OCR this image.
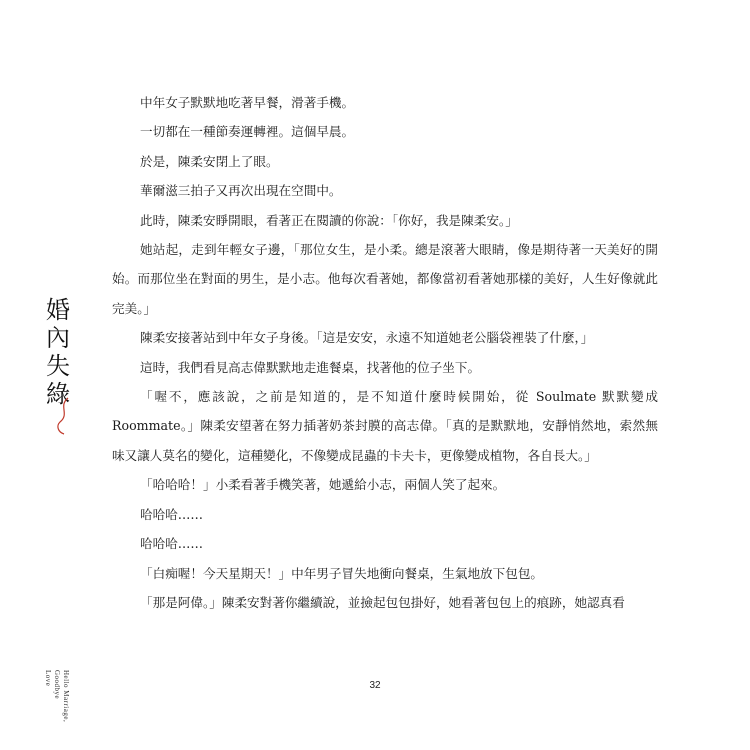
婚
內
失
綠
Hello Marriage,
Goodbye
Love

中年女子默默地吃著早餐，滑著手機。

一切都在一種節奏運轉裡。這個早晨。

於是，陳柔安閉上了眼。

華爾滋三拍子又再次出現在空間中。

此時，陳柔安睜開眼，看著正在閱讀的你說：「你好，我是陳柔安。」

她站起，走到年輕女子邊，「那位女生，是小柔。總是滾著大眼睛，像是期待著一天美好的開始。而那位坐在對面的男生，是小志。他每次看著她，都像當初看著她那樣的美好，人生好像就此完美。」

陳柔安接著站到中年女子身後。「這是安安，永遠不知道她老公腦袋裡裝了什麼，」

這時，我們看見高志偉默默地走進餐桌，找著他的位子坐下。

「喔不，應該說，之前是知道的，是不知道什麼時候開始，從 Soulmate 默默變成 Roommate。」陳柔安望著在努力插著奶茶封膜的高志偉。「真的是默默地，安靜悄然地，索然無味又讓人莫名的變化，這種變化，不像變成昆蟲的卡夫卡，更像變成植物，各自長大。」

「哈哈哈！」小柔看著手機笑著，她遞給小志，兩個人笑了起來。

哈哈哈……

哈哈哈……

「白痴喔！今天星期天！」中年男子冒失地衝向餐桌，生氣地放下包包。

「那是阿偉。」陳柔安對著你繼續說，並撿起包包掛好，她看著包包上的痕跡，她認真看

32
